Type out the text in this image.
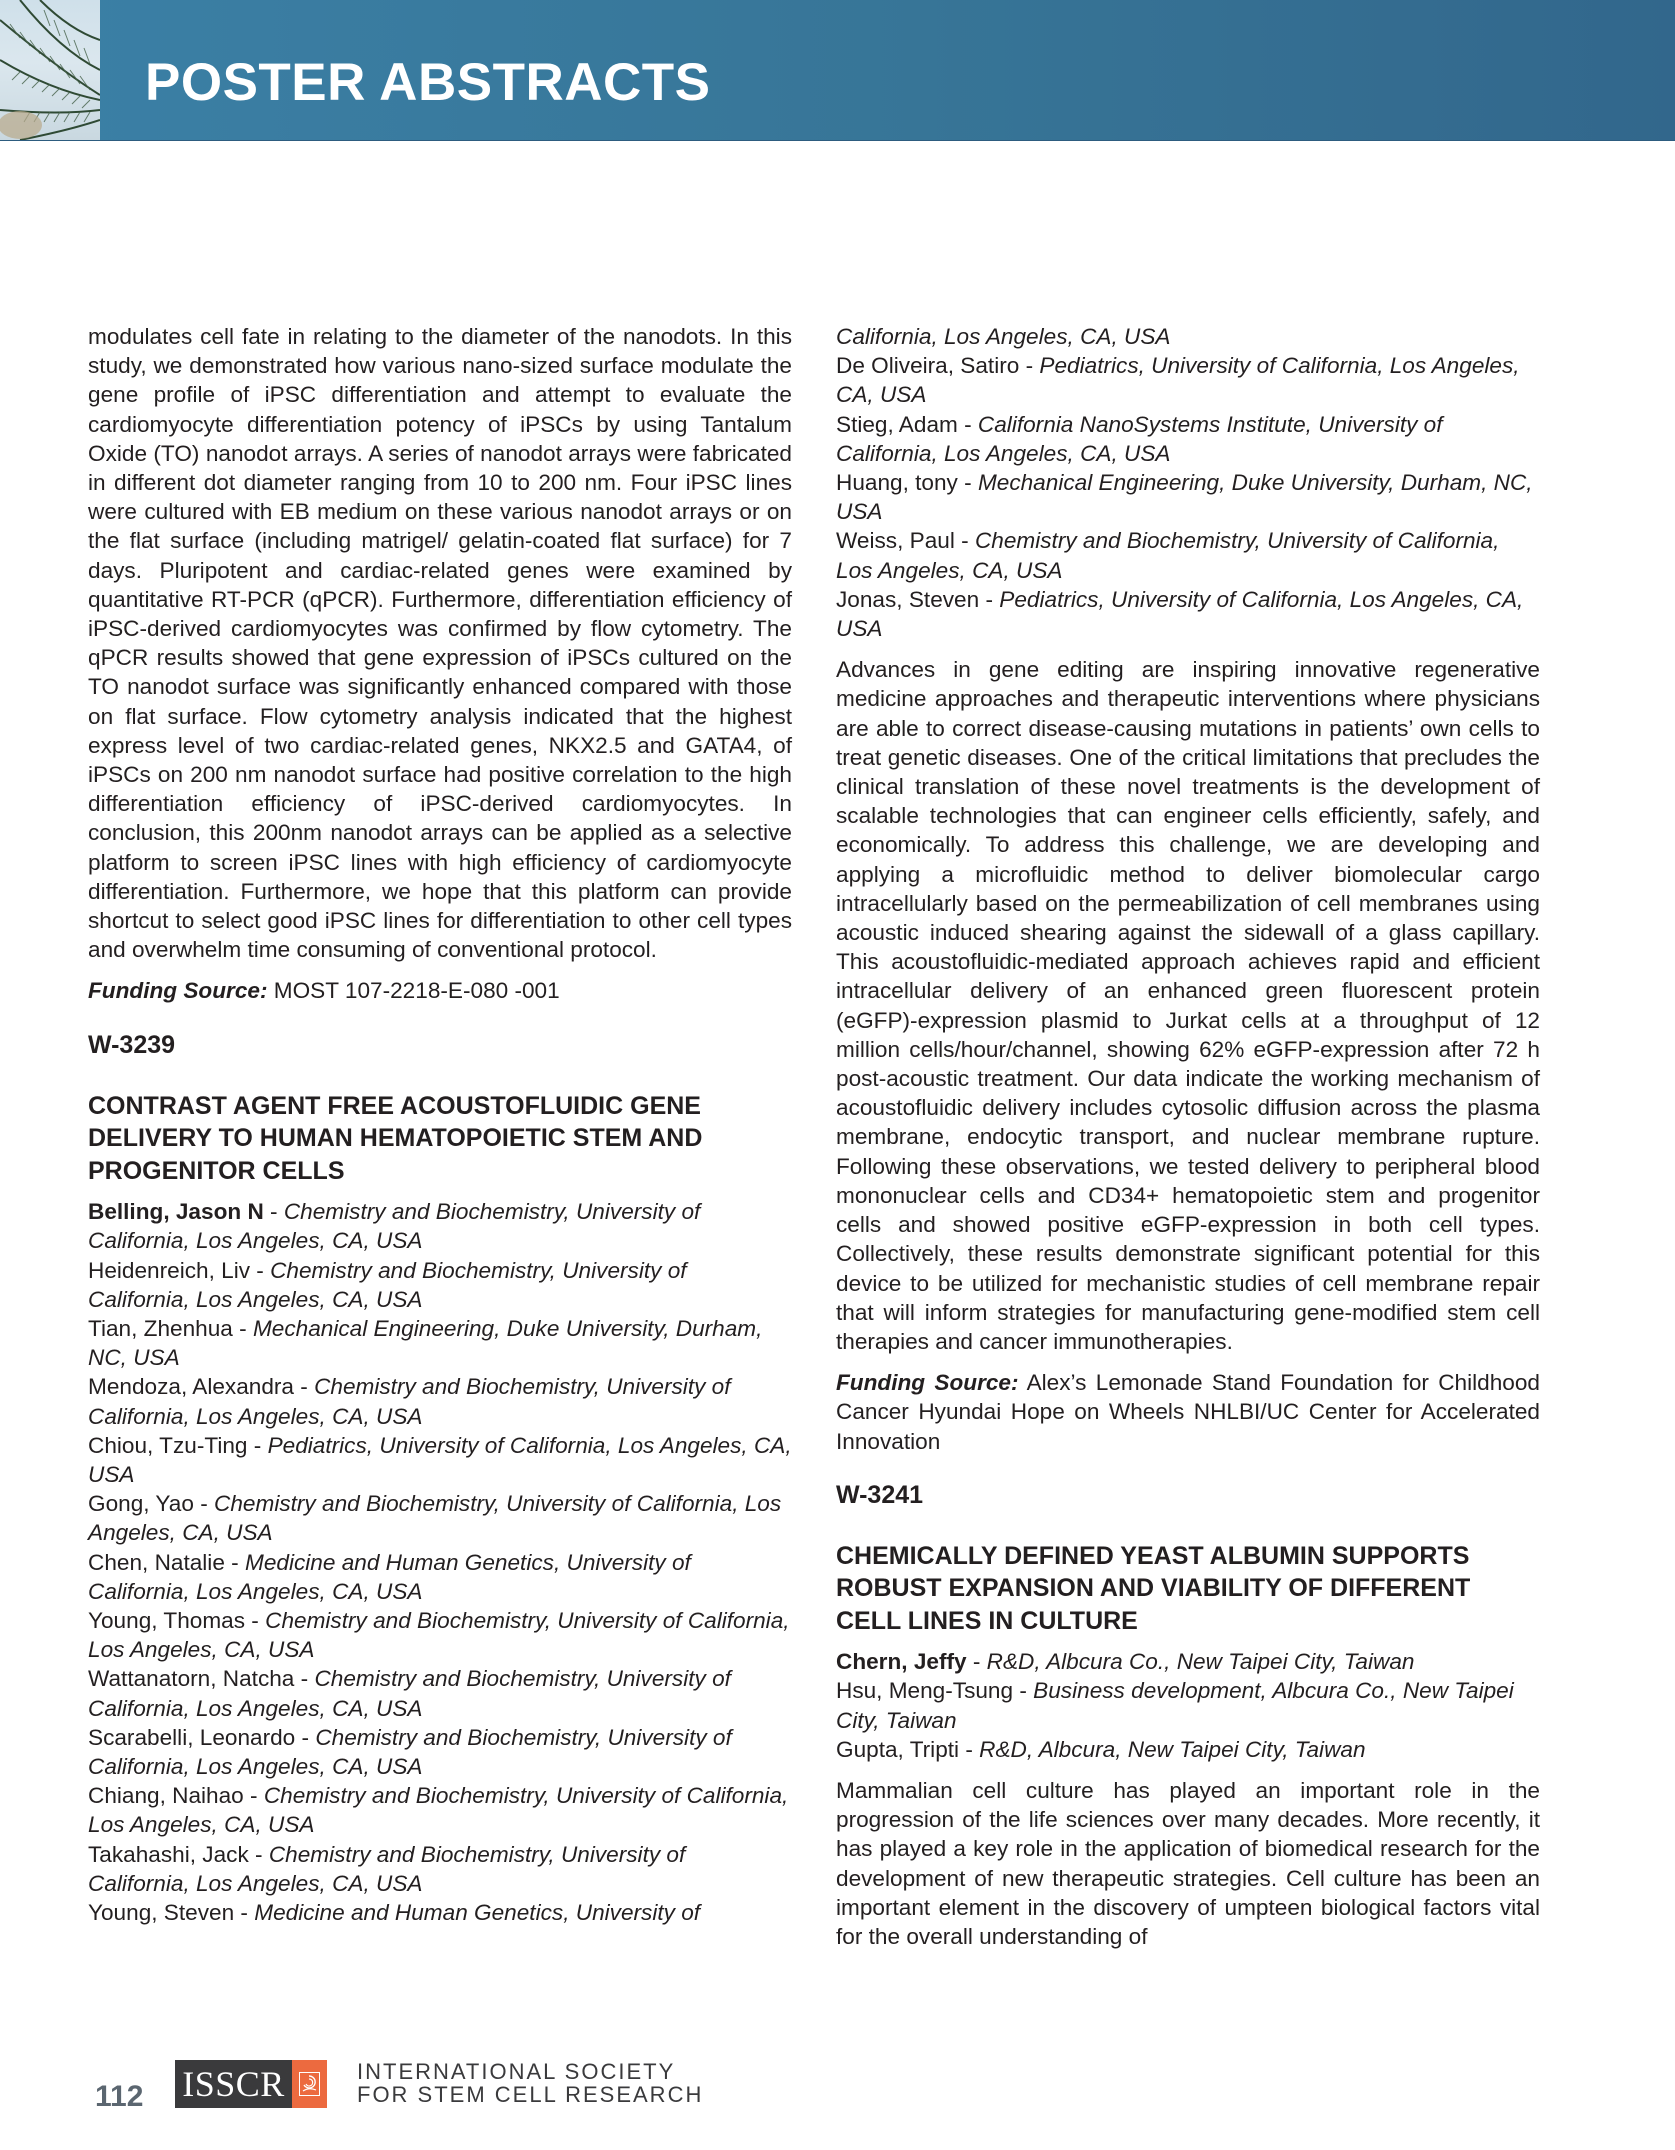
POSTER ABSTRACTS

modulates cell fate in relating to the diameter of the nanodots. In this study, we demonstrated how various nano-sized surface modulate the gene profile of iPSC differentiation and attempt to evaluate the cardiomyocyte differentiation potency of iPSCs by using Tantalum Oxide (TO) nanodot arrays. A series of nanodot arrays were fabricated in different dot diameter ranging from 10 to 200 nm. Four iPSC lines were cultured with EB medium on these various nanodot arrays or on the flat surface (including matrigel/ gelatin-coated flat surface) for 7 days. Pluripotent and cardiac-related genes were examined by quantitative RT-PCR (qPCR). Furthermore, differentiation efficiency of iPSC-derived cardiomyocytes was confirmed by flow cytometry. The qPCR results showed that gene expression of iPSCs cultured on the TO nanodot surface was significantly enhanced compared with those on flat surface. Flow cytometry analysis indicated that the highest express level of two cardiac-related genes, NKX2.5 and GATA4, of iPSCs on 200 nm nanodot surface had positive correlation to the high differentiation efficiency of iPSC-derived cardiomyocytes. In conclusion, this 200nm nanodot arrays can be applied as a selective platform to screen iPSC lines with high efficiency of cardiomyocyte differentiation. Furthermore, we hope that this platform can provide shortcut to select good iPSC lines for differentiation to other cell types and overwhelm time consuming of conventional protocol.

Funding Source: MOST 107-2218-E-080 -001

W-3239

CONTRAST AGENT FREE ACOUSTOFLUIDIC GENE DELIVERY TO HUMAN HEMATOPOIETIC STEM AND PROGENITOR CELLS

Belling, Jason N - Chemistry and Biochemistry, University of California, Los Angeles, CA, USA

Heidenreich, Liv - Chemistry and Biochemistry, University of California, Los Angeles, CA, USA

Tian, Zhenhua - Mechanical Engineering, Duke University, Durham, NC, USA

Mendoza, Alexandra - Chemistry and Biochemistry, University of California, Los Angeles, CA, USA

Chiou, Tzu-Ting - Pediatrics, University of California, Los Angeles, CA, USA

Gong, Yao - Chemistry and Biochemistry, University of California, Los Angeles, CA, USA

Chen, Natalie - Medicine and Human Genetics, University of California, Los Angeles, CA, USA

Young, Thomas - Chemistry and Biochemistry, University of California, Los Angeles, CA, USA

Wattanatorn, Natcha - Chemistry and Biochemistry, University of California, Los Angeles, CA, USA

Scarabelli, Leonardo - Chemistry and Biochemistry, University of California, Los Angeles, CA, USA

Chiang, Naihao - Chemistry and Biochemistry, University of California, Los Angeles, CA, USA

Takahashi, Jack - Chemistry and Biochemistry, University of California, Los Angeles, CA, USA

Young, Steven - Medicine and Human Genetics, University of

California, Los Angeles, CA, USA

De Oliveira, Satiro - Pediatrics, University of California, Los Angeles, CA, USA

Stieg, Adam - California NanoSystems Institute, University of California, Los Angeles, CA, USA

Huang, tony - Mechanical Engineering, Duke University, Durham, NC, USA

Weiss, Paul - Chemistry and Biochemistry, University of California, Los Angeles, CA, USA

Jonas, Steven - Pediatrics, University of California, Los Angeles, CA, USA

Advances in gene editing are inspiring innovative regenerative medicine approaches and therapeutic interventions where physicians are able to correct disease-causing mutations in patients’ own cells to treat genetic diseases. One of the critical limitations that precludes the clinical translation of these novel treatments is the development of scalable technologies that can engineer cells efficiently, safely, and economically. To address this challenge, we are developing and applying a microfluidic method to deliver biomolecular cargo intracellularly based on the permeabilization of cell membranes using acoustic induced shearing against the sidewall of a glass capillary. This acoustofluidic-mediated approach achieves rapid and efficient intracellular delivery of an enhanced green fluorescent protein (eGFP)-expression plasmid to Jurkat cells at a throughput of 12 million cells/hour/channel, showing 62% eGFP-expression after 72 h post-acoustic treatment. Our data indicate the working mechanism of acoustofluidic delivery includes cytosolic diffusion across the plasma membrane, endocytic transport, and nuclear membrane rupture. Following these observations, we tested delivery to peripheral blood mononuclear cells and CD34+ hematopoietic stem and progenitor cells and showed positive eGFP-expression in both cell types. Collectively, these results demonstrate significant potential for this device to be utilized for mechanistic studies of cell membrane repair that will inform strategies for manufacturing gene-modified stem cell therapies and cancer immunotherapies.

Funding Source: Alex’s Lemonade Stand Foundation for Childhood Cancer Hyundai Hope on Wheels NHLBI/UC Center for Accelerated Innovation

W-3241

CHEMICALLY DEFINED YEAST ALBUMIN SUPPORTS ROBUST EXPANSION AND VIABILITY OF DIFFERENT CELL LINES IN CULTURE

Chern, Jeffy - R&D, Albcura Co., New Taipei City, Taiwan

Hsu, Meng-Tsung - Business development, Albcura Co., New Taipei City, Taiwan

Gupta, Tripti - R&D, Albcura, New Taipei City, Taiwan

Mammalian cell culture has played an important role in the progression of the life sciences over many decades. More recently, it has played a key role in the application of biomedical research for the development of new therapeutic strategies. Cell culture has been an important element in the discovery of umpteen biological factors vital for the overall understanding of

112 ISSCR	INTERNATIONAL SOCIETY
FOR STEM CELL RESEARCH
